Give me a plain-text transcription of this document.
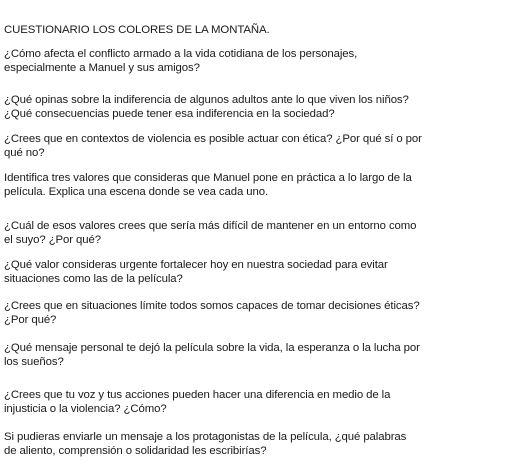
CUESTIONARIO LOS COLORES DE LA MONTAÑA.

¿Cómo afecta el conflicto armado a la vida cotidiana de los personajes,
especialmente a Manuel y sus amigos?

¿Qué opinas sobre la indiferencia de algunos adultos ante lo que viven los niños?
¿Qué consecuencias puede tener esa indiferencia en la sociedad?

¿Crees que en contextos de violencia es posible actuar con ética? ¿Por qué sí o por
qué no?

Identifica tres valores que consideras que Manuel pone en práctica a lo largo de la
película. Explica una escena donde se vea cada uno.

¿Cuál de esos valores crees que sería más difícil de mantener en un entorno como
el suyo? ¿Por qué?

¿Qué valor consideras urgente fortalecer hoy en nuestra sociedad para evitar
situaciones como las de la película?

¿Crees que en situaciones límite todos somos capaces de tomar decisiones éticas?
¿Por qué?

¿Qué mensaje personal te dejó la película sobre la vida, la esperanza o la lucha por
los sueños?

¿Crees que tu voz y tus acciones pueden hacer una diferencia en medio de la
injusticia o la violencia? ¿Cómo?

Si pudieras enviarle un mensaje a los protagonistas de la película, ¿qué palabras
de aliento, comprensión o solidaridad les escribirías?
